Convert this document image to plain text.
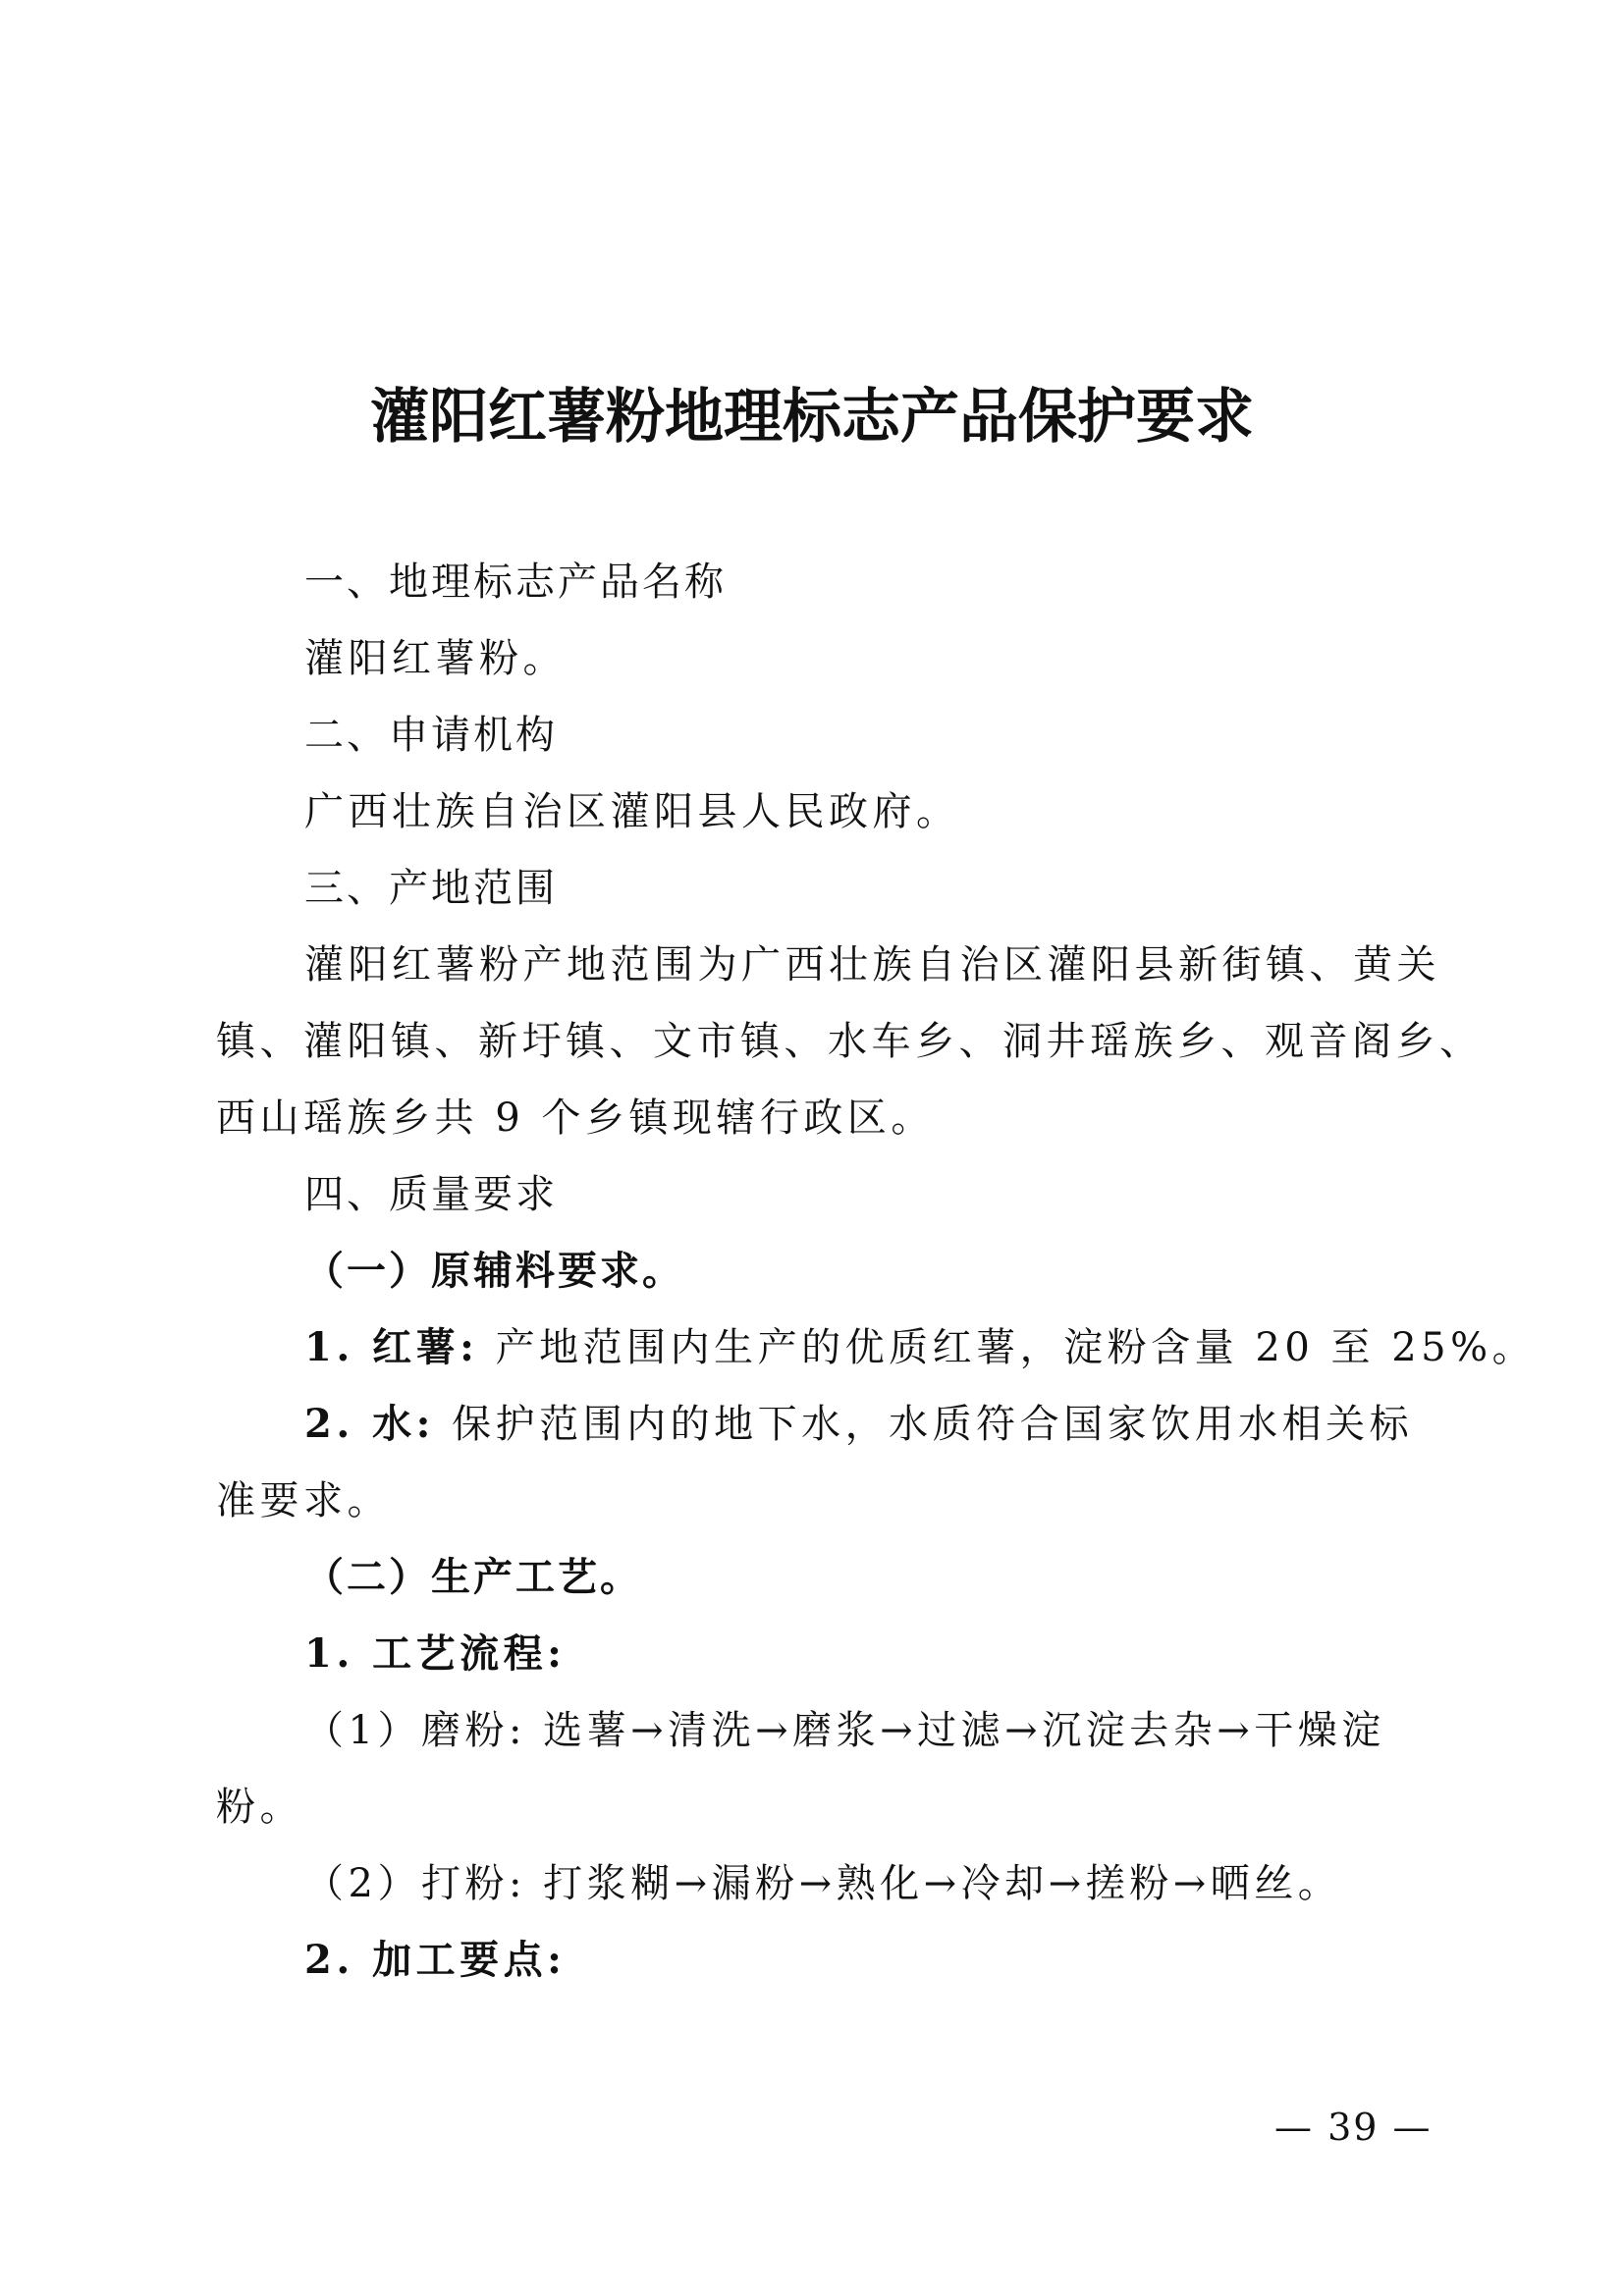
灌阳红薯粉地理标志产品保护要求
一、地理标志产品名称
灌阳红薯粉。
二、申请机构
广西壮族自治区灌阳县人民政府。
三、产地范围
灌阳红薯粉产地范围为广西壮族自治区灌阳县新街镇、黄关
镇、灌阳镇、新圩镇、文市镇、水车乡、洞井瑶族乡、观音阁乡、
西山瑶族乡共 9 个乡镇现辖行政区。
四、质量要求
（一）原辅料要求。
1. 红薯: 产地范围内生产的优质红薯，淀粉含量 20 至 25%。
2. 水: 保护范围内的地下水，水质符合国家饮用水相关标
准要求。
（二）生产工艺。
1. 工艺流程:
（1）磨粉: 选薯→清洗→磨浆→过滤→沉淀去杂→干燥淀
粉。
（2）打粉: 打浆糊→漏粉→熟化→冷却→搓粉→晒丝。
2. 加工要点:
— 39 —
